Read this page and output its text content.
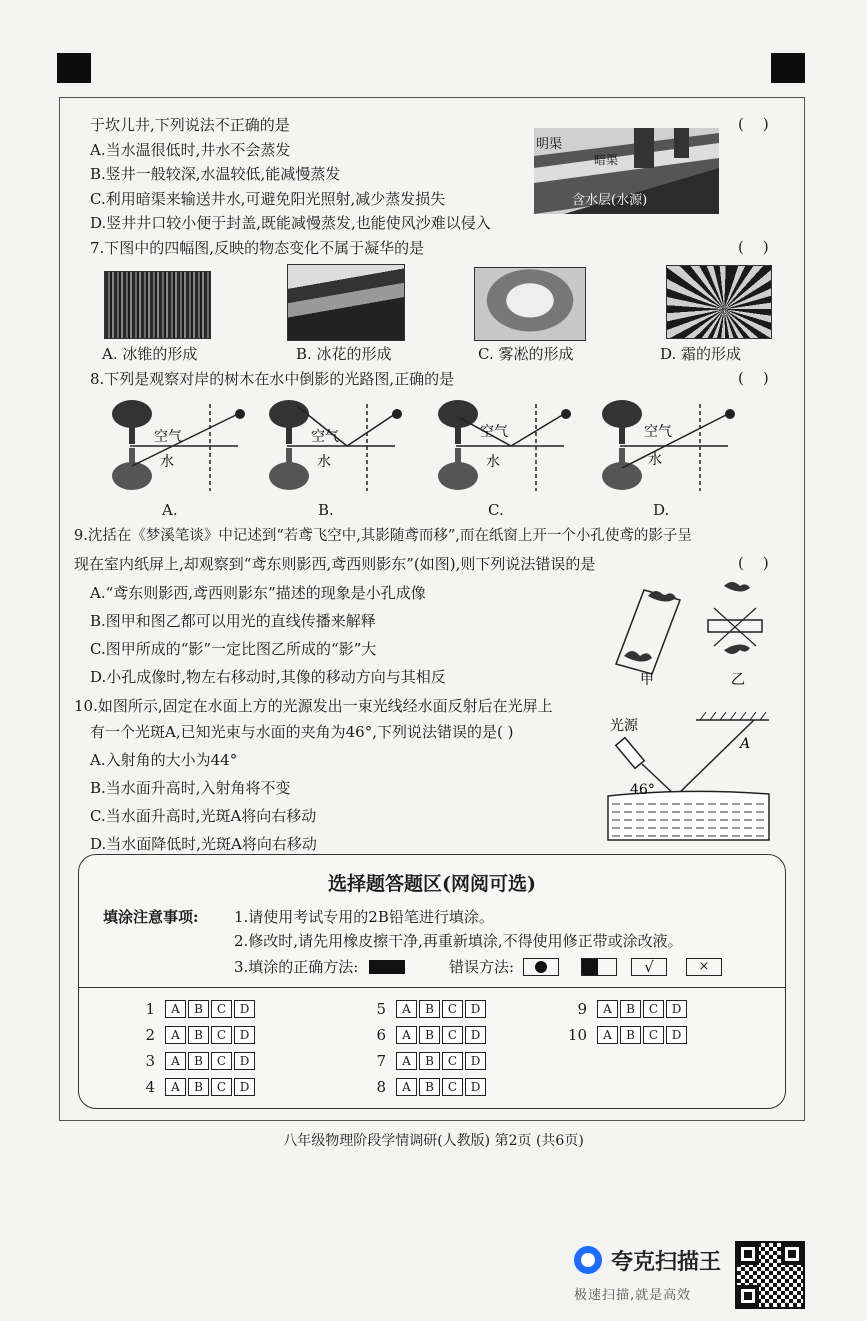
于坎儿井,下列说法不正确的是	(    )
A.当水温很低时,井水不会蒸发
B.竖井一般较深,水温较低,能减慢蒸发
C.利用暗渠来输送井水,可避免阳光照射,减少蒸发损失
D.竖井井口较小便于封盖,既能减慢蒸发,也能使风沙难以侵入
明渠
暗渠
含水层(水源)
7.下图中的四幅图,反映的物态变化不属于凝华的是	(    )
A. 冰锥的形成	B. 冰花的形成	C. 雾凇的形成	D. 霜的形成
8.下列是观察对岸的树木在水中倒影的光路图,正确的是	(    )
空气
水
空气
水
空气
水
空气
水
A.	B.	C.	D.
9.沈括在《梦溪笔谈》中记述到“若鸢飞空中,其影随鸢而移”,而在纸窗上开一个小孔使鸢的影子呈
现在室内纸屏上,却观察到“鸢东则影西,鸢西则影东”(如图),则下列说法错误的是	(    )
A.“鸢东则影西,鸢西则影东”描述的现象是小孔成像
B.图甲和图乙都可以用光的直线传播来解释
C.图甲所成的“影”一定比图乙所成的“影”大
D.小孔成像时,物左右移动时,其像的移动方向与其相反	甲	乙
10.如图所示,固定在水面上方的光源发出一束光线经水面反射后在光屏上
有一个光斑A,已知光束与水面的夹角为46°,下列说法错误的是( )
A.入射角的大小为44°
B.当水面升高时,入射角将不变
C.当水面升高时,光斑A将向右移动
D.当水面降低时,光斑A将向右移动
光源
A
46°
选择题答题区(网阅可选)
填涂注意事项: 1.请使用考试专用的2B铅笔进行填涂。
2.修改时,请先用橡皮擦干净,再重新填涂,不得使用修正带或涂改液。
3.填涂的正确方法:	错误方法:	√	×
1	A	B	C	D
2	A	B	C	D
3	A	B	C	D
4	A	B	C	D
5	A	B	C	D
6	A	B	C	D
7	A	B	C	D
8	A	B	C	D
9	A	B	C	D
10	A	B	C	D
八年级物理阶段学情调研(人教版) 第2页 (共6页)
夸克扫描王
极速扫描,就是高效
